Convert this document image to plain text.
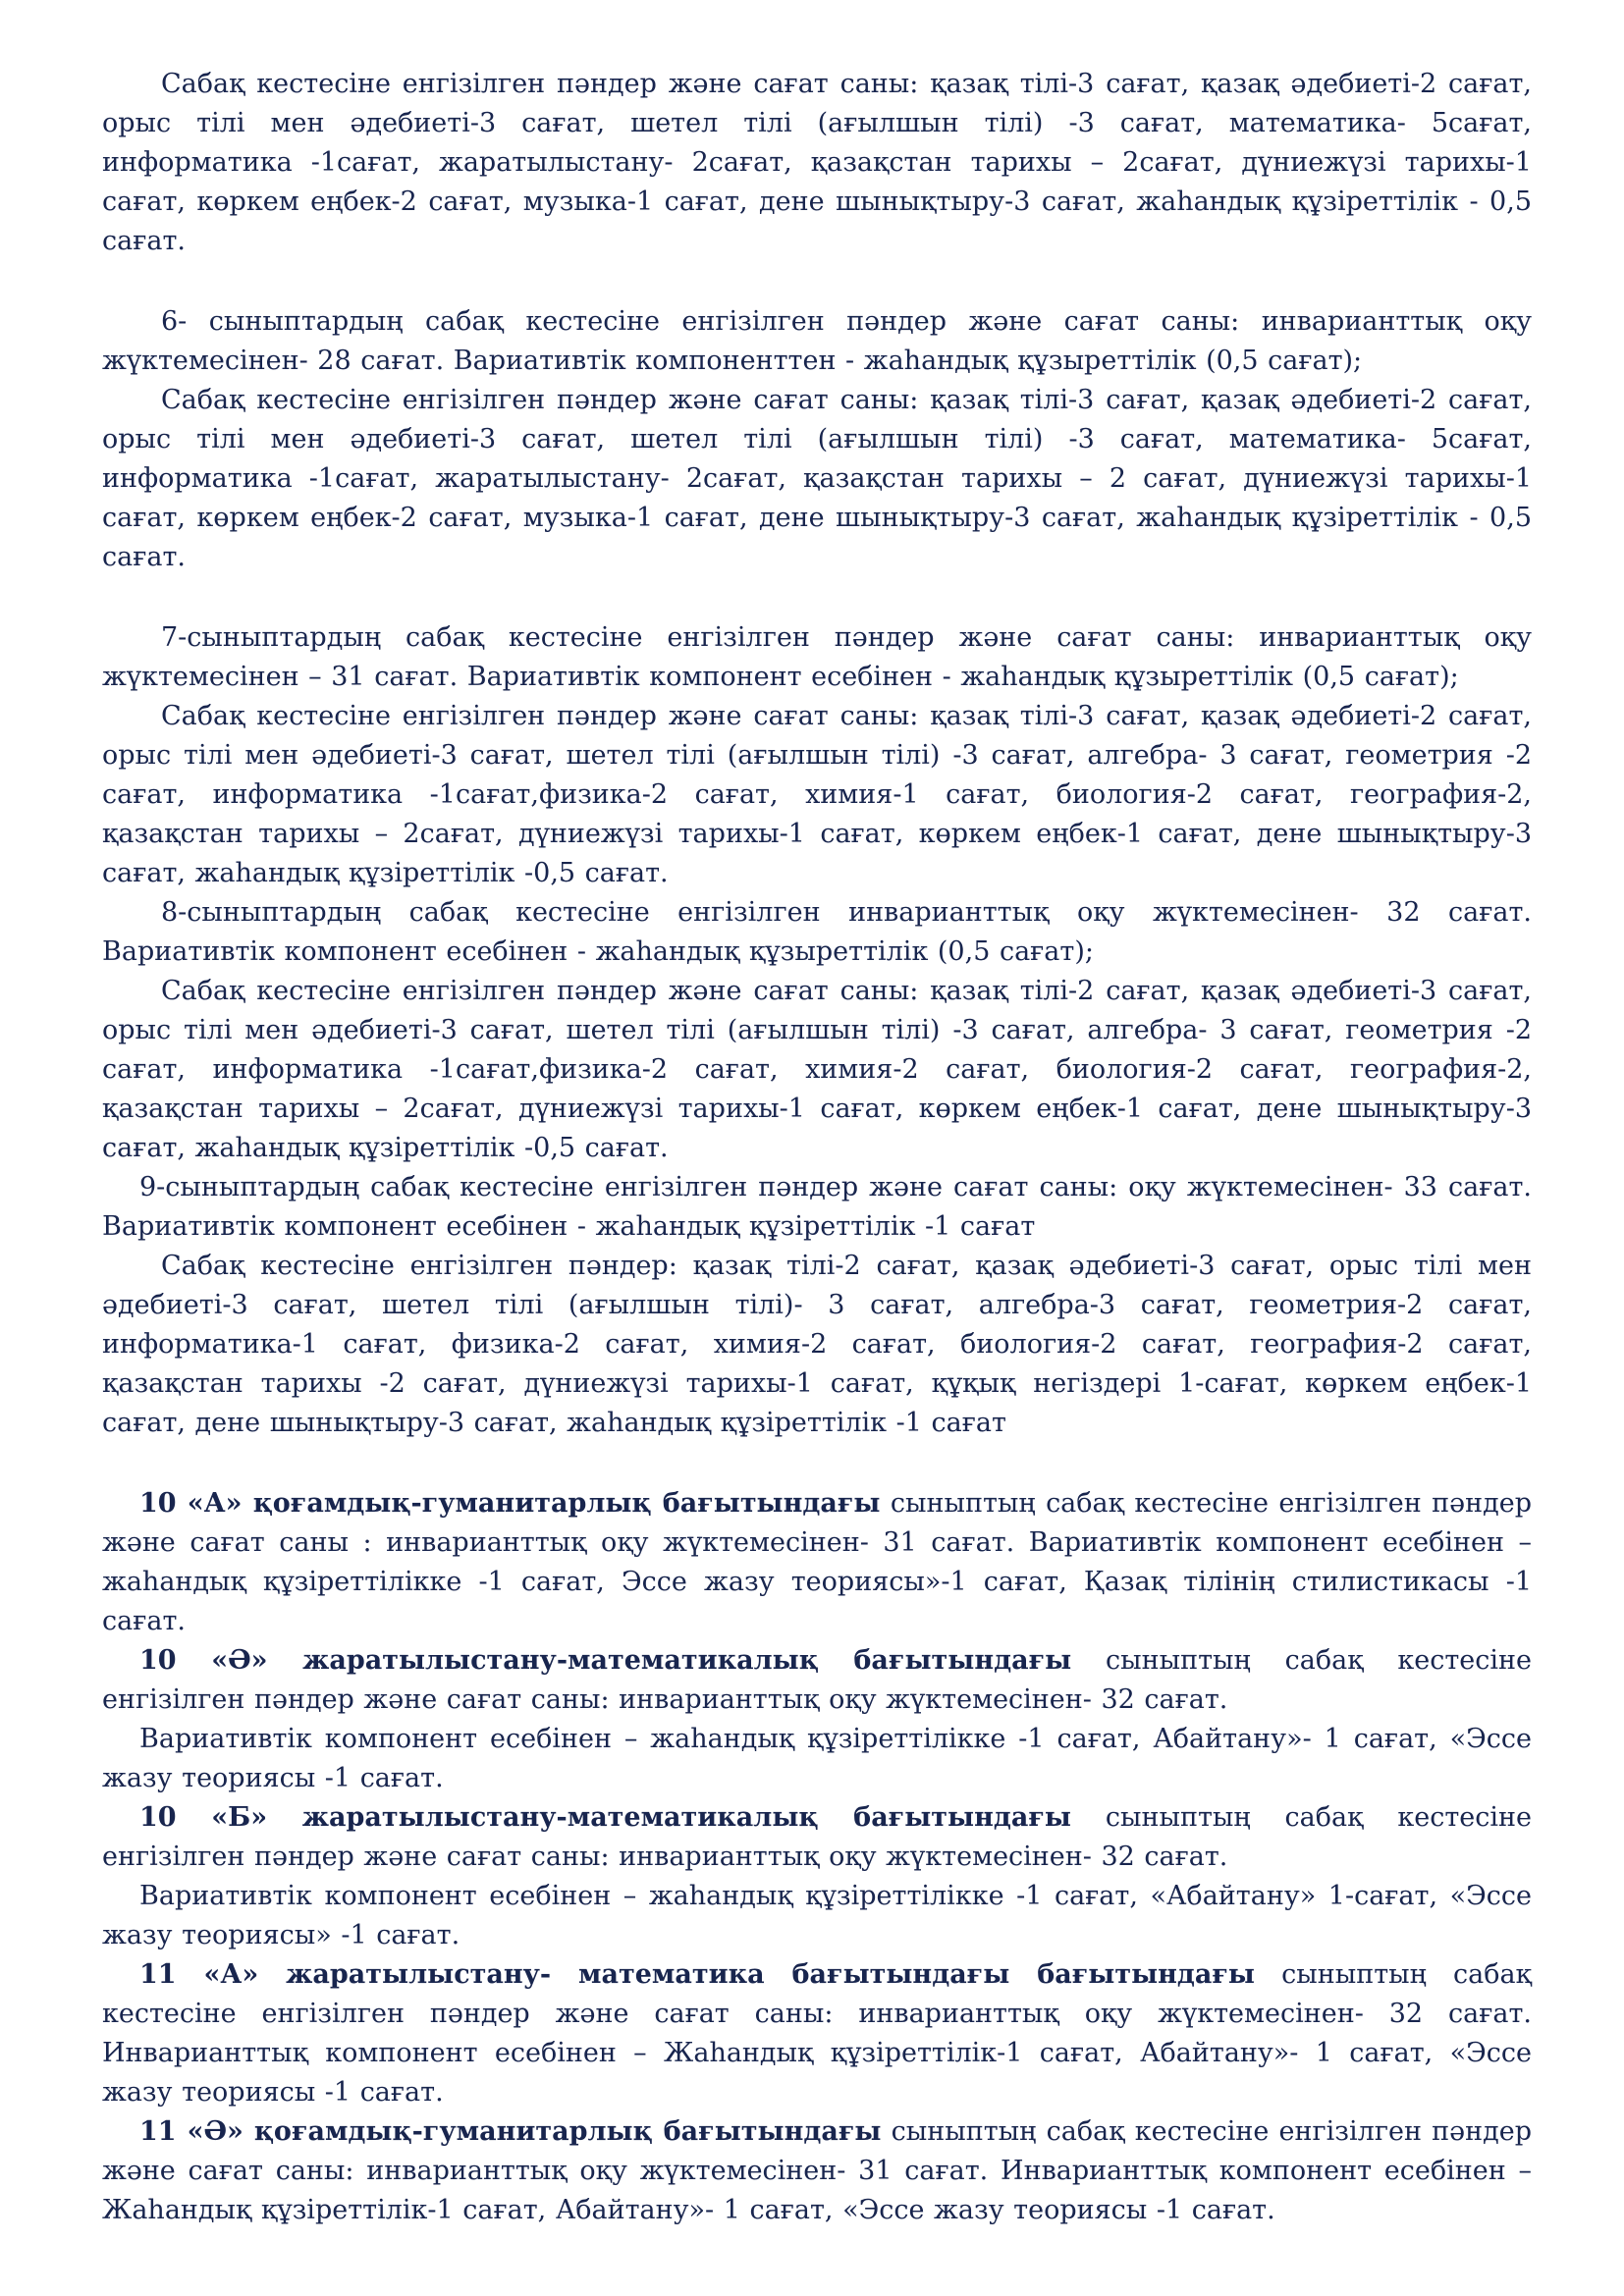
Сабақ кестесіне енгізілген пәндер және сағат саны: қазақ тілі-3 сағат, қазақ әдебиеті-2 сағат, орыс тілі мен әдебиеті-3 сағат, шетел тілі (ағылшын тілі) -3 сағат, математика- 5сағат, информатика -1сағат, жаратылыстану- 2сағат, қазақстан тарихы – 2сағат, дүниежүзі тарихы-1 сағат, көркем еңбек-2 сағат, музыка-1 сағат, дене шынықтыру-3 сағат, жаһандық құзіреттілік - 0,5 сағат.

6- сыныптардың сабақ кестесіне енгізілген пәндер және сағат саны: инварианттық оқу жүктемесінен- 28 сағат. Вариативтік компоненттен - жаһандық құзыреттілік (0,5 сағат);

Сабақ кестесіне енгізілген пәндер және сағат саны: қазақ тілі-3 сағат, қазақ әдебиеті-2 сағат, орыс тілі мен әдебиеті-3 сағат, шетел тілі (ағылшын тілі) -3 сағат, математика- 5сағат, информатика -1сағат, жаратылыстану- 2сағат, қазақстан тарихы – 2 сағат, дүниежүзі тарихы-1 сағат, көркем еңбек-2 сағат, музыка-1 сағат, дене шынықтыру-3 сағат, жаһандық құзіреттілік - 0,5 сағат.

7-сыныптардың сабақ кестесіне енгізілген пәндер және сағат саны: инварианттық оқу жүктемесінен – 31 сағат. Вариативтік компонент есебінен - жаһандық құзыреттілік (0,5 сағат);

Сабақ кестесіне енгізілген пәндер және сағат саны: қазақ тілі-3 сағат, қазақ әдебиеті-2 сағат, орыс тілі мен әдебиеті-3 сағат, шетел тілі (ағылшын тілі) -3 сағат, алгебра- 3 сағат, геометрия -2 сағат, информатика -1сағат,физика-2 сағат, химия-1 сағат, биология-2 сағат, география-2, қазақстан тарихы – 2сағат, дүниежүзі тарихы-1 сағат, көркем еңбек-1 сағат, дене шынықтыру-3 сағат, жаһандық құзіреттілік -0,5 сағат.

8-сыныптардың сабақ кестесіне енгізілген инварианттық оқу жүктемесінен- 32 сағат. Вариативтік компонент есебінен - жаһандық құзыреттілік (0,5 сағат);

Сабақ кестесіне енгізілген пәндер және сағат саны: қазақ тілі-2 сағат, қазақ әдебиеті-3 сағат, орыс тілі мен әдебиеті-3 сағат, шетел тілі (ағылшын тілі) -3 сағат, алгебра- 3 сағат, геометрия -2 сағат, информатика -1сағат,физика-2 сағат, химия-2 сағат, биология-2 сағат, география-2, қазақстан тарихы – 2сағат, дүниежүзі тарихы-1 сағат, көркем еңбек-1 сағат, дене шынықтыру-3 сағат, жаһандық құзіреттілік -0,5 сағат.

9-сыныптардың сабақ кестесіне енгізілген пәндер және сағат саны: оқу жүктемесінен- 33 сағат. Вариативтік компонент есебінен - жаһандық құзіреттілік -1 сағат

Сабақ кестесіне енгізілген пәндер: қазақ тілі-2 сағат, қазақ әдебиеті-3 сағат, орыс тілі мен әдебиеті-3 сағат, шетел тілі (ағылшын тілі)- 3 сағат, алгебра-3 сағат, геометрия-2 сағат, информатика-1 сағат, физика-2 сағат, химия-2 сағат, биология-2 сағат, география-2 сағат, қазақстан тарихы -2 сағат, дүниежүзі тарихы-1 сағат, құқық негіздері 1-сағат, көркем еңбек-1 сағат, дене шынықтыру-3 сағат, жаһандық құзіреттілік -1 сағат

10 «А» қоғамдық-гуманитарлық бағытындағы сыныптың сабақ кестесіне енгізілген пәндер және сағат саны : инварианттық оқу жүктемесінен- 31 сағат. Вариативтік компонент есебінен – жаһандық құзіреттілікке -1 сағат, Эссе жазу теориясы»-1 сағат, Қазақ тілінің стилистикасы -1 сағат.

10 «Ә» жаратылыстану-математикалық бағытындағы сыныптың сабақ кестесіне енгізілген пәндер және сағат саны: инварианттық оқу жүктемесінен- 32 сағат.

Вариативтік компонент есебінен – жаһандық құзіреттілікке -1 сағат, Абайтану»- 1 сағат, «Эссе жазу теориясы -1 сағат.

10 «Б» жаратылыстану-математикалық бағытындағы сыныптың сабақ кестесіне енгізілген пәндер және сағат саны: инварианттық оқу жүктемесінен- 32 сағат.

Вариативтік компонент есебінен – жаһандық құзіреттілікке -1 сағат, «Абайтану» 1-сағат, «Эссе жазу теориясы» -1 сағат.

11 «А» жаратылыстану- математика бағытындағы бағытындағы сыныптың сабақ кестесіне енгізілген пәндер және сағат саны: инварианттық оқу жүктемесінен- 32 сағат. Инварианттық компонент есебінен – Жаһандық құзіреттілік-1 сағат, Абайтану»- 1 сағат, «Эссе жазу теориясы -1 сағат.

11 «Ә» қоғамдық-гуманитарлық бағытындағы сыныптың сабақ кестесіне енгізілген пәндер және сағат саны: инварианттық оқу жүктемесінен- 31 сағат. Инварианттық компонент есебінен – Жаһандық құзіреттілік-1 сағат, Абайтану»- 1 сағат, «Эссе жазу теориясы -1 сағат.
